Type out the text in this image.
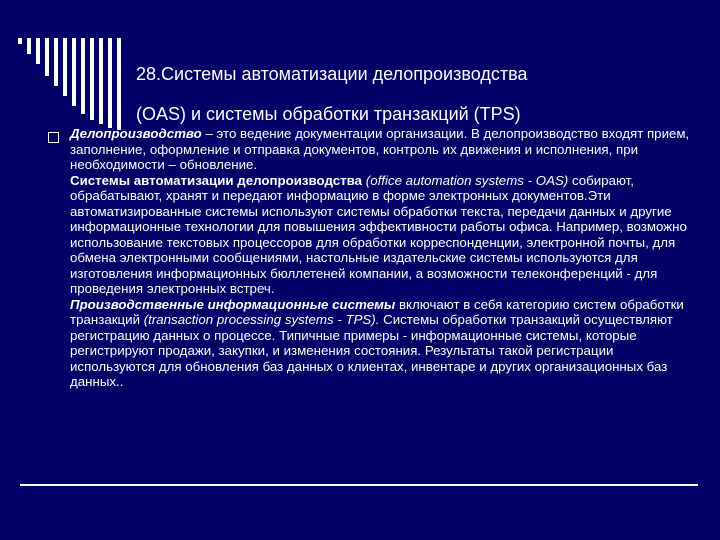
28.Системы автоматизации делопроизводства
(OAS) и системы обработки транзакций (TPS)

Делопроизводство – это ведение документации организации. В делопроизводство входят прием, заполнение, оформление и отправка документов, контроль их движения и исполнения, при необходимости – обновление.

Системы автоматизации делопроизводства (office automation systems - OAS) собирают, обрабатывают, хранят и передают информацию в форме электронных документов.Эти автоматизированные системы используют системы обработки текста, передачи данных и другие информационные технологии для повышения эффективности работы офиса. Например, возможно использование текстовых процессоров для обработки корреспонденции, электронной почты, для обмена электронными сообщениями, настольные издательские системы используются для изготовления информационных бюллетеней компании, а возможности телеконференций - для проведения электронных встреч.

Производственные информационные системы включают в себя категорию систем обработки транзакций (transaction processing systems - TPS). Системы обработки транзакций осуществляют регистрацию данных о процессе. Типичные примеры - информационные системы, которые регистрируют продажи, закупки, и изменения состояния. Результаты такой регистрации используются для обновления баз данных о клиентах, инвентаре и других организационных баз данных..
